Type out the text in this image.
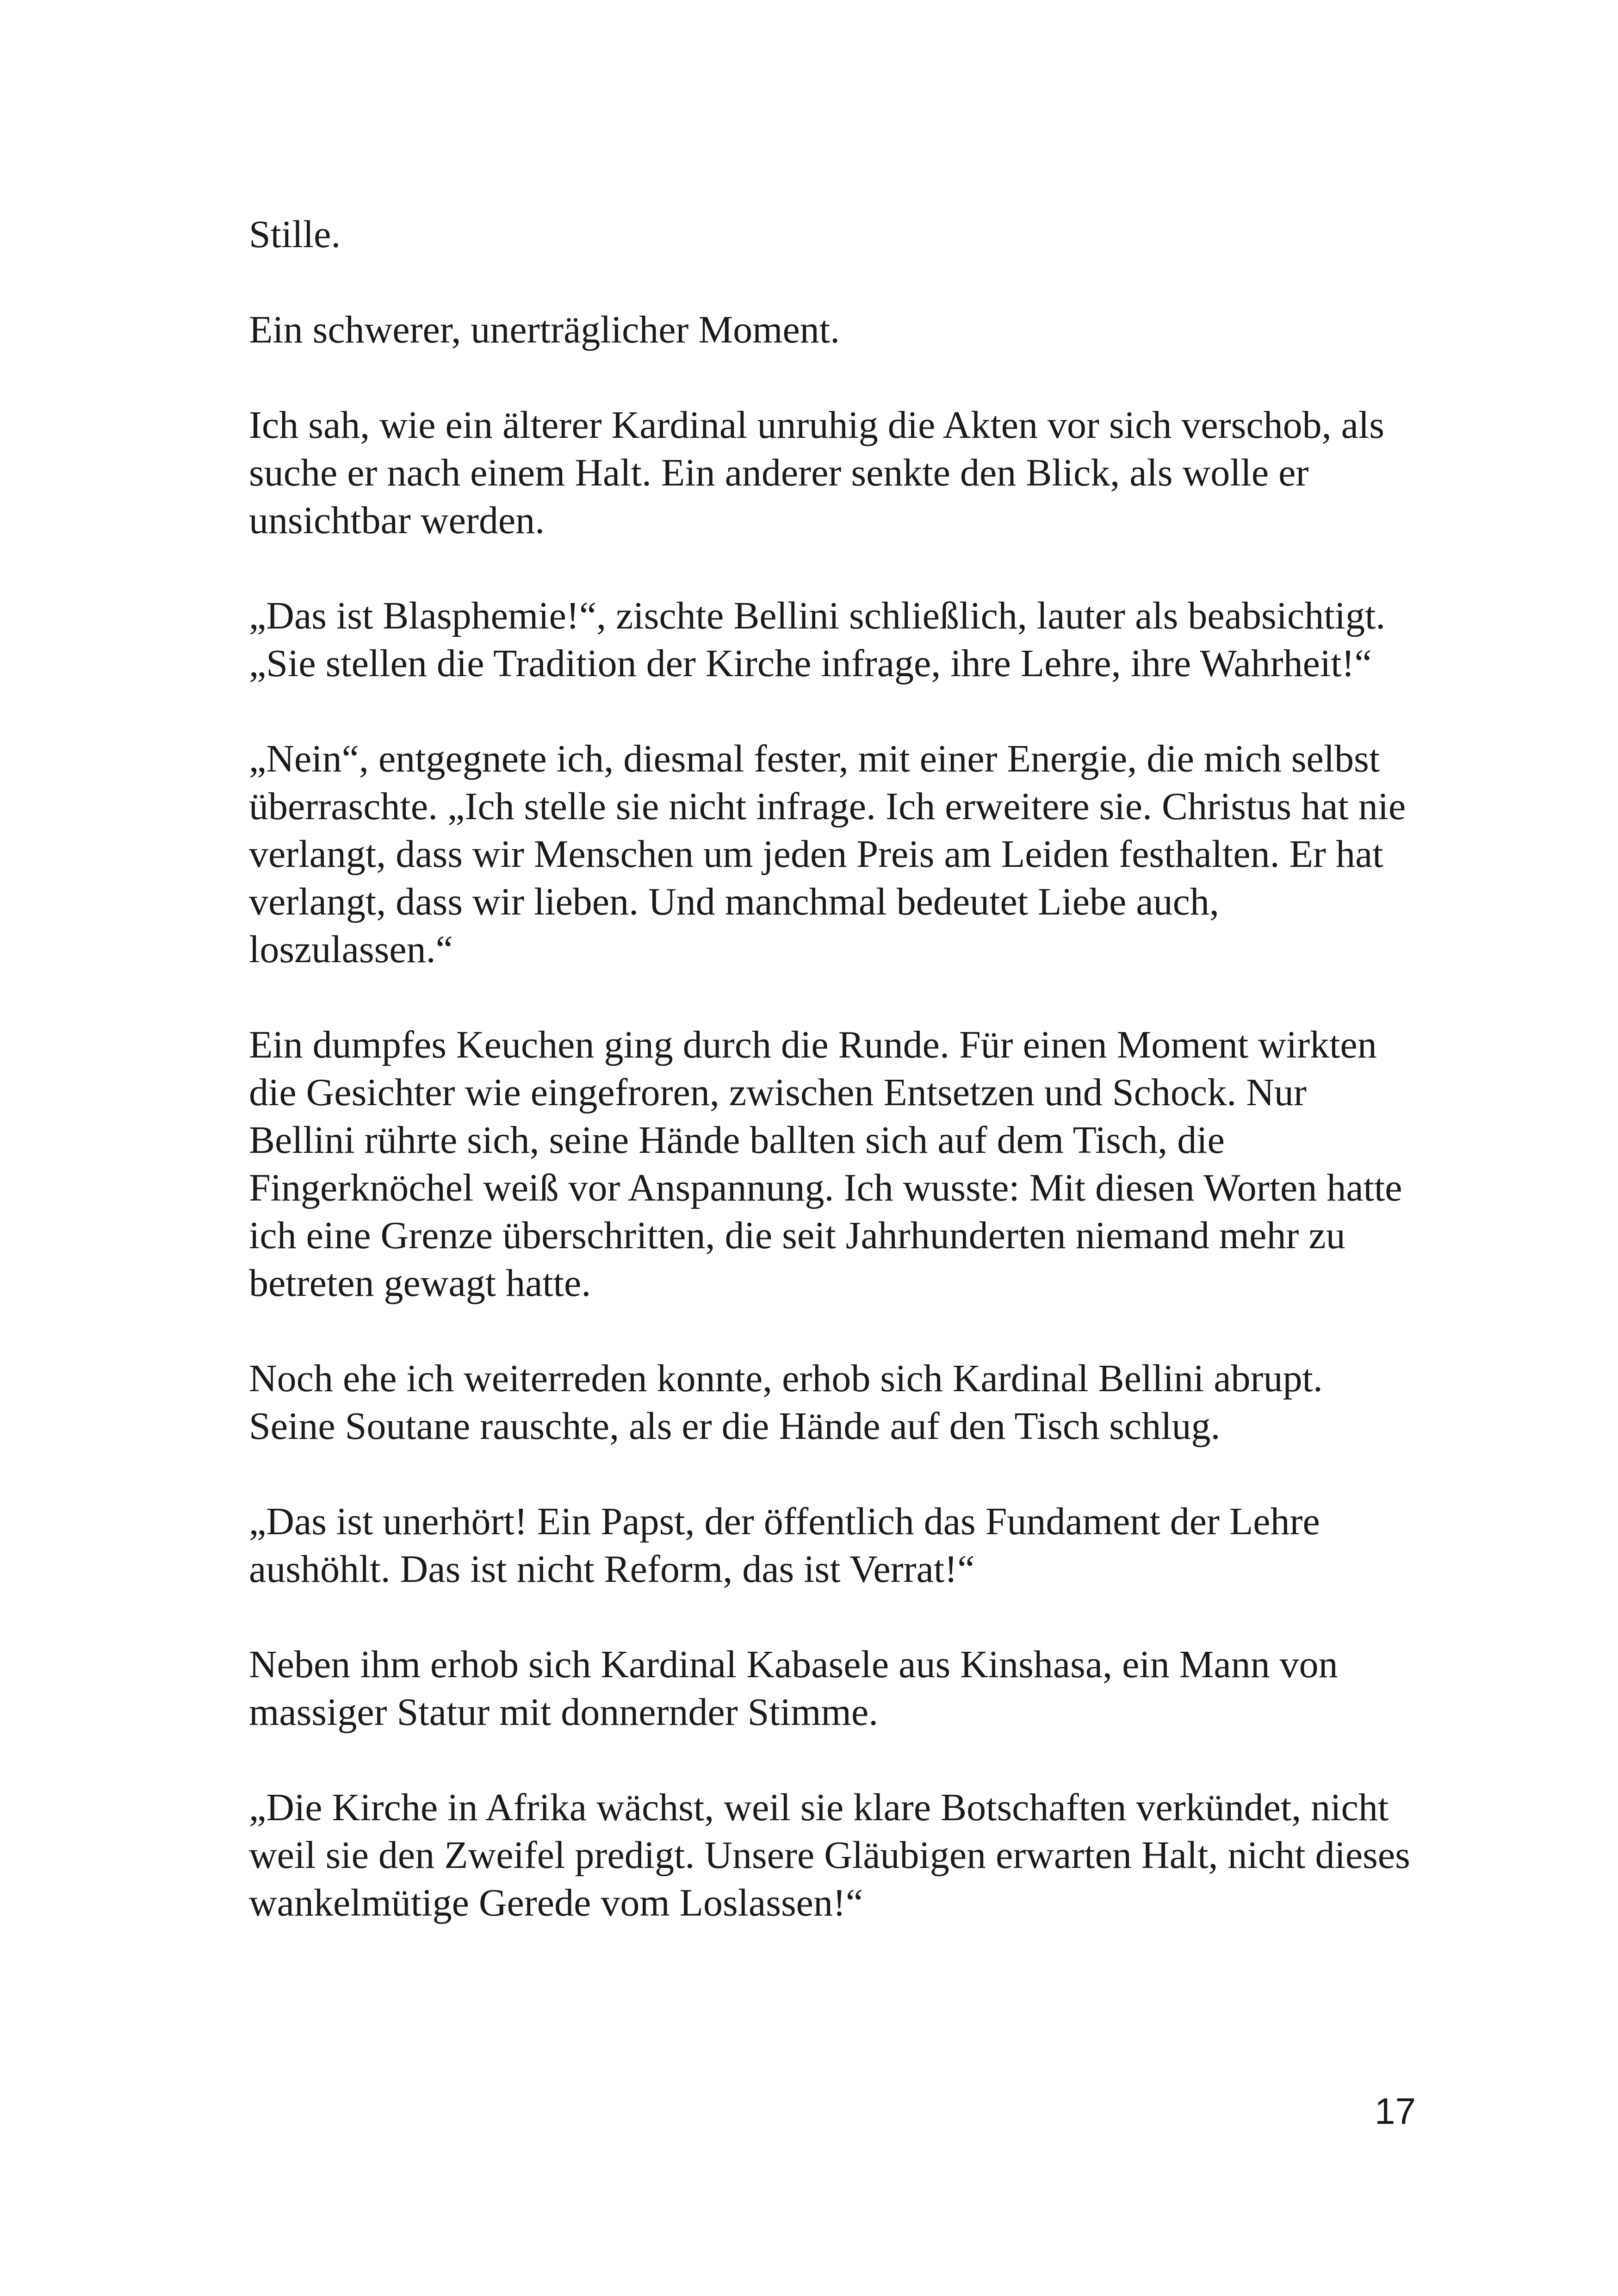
Stille.

Ein schwerer, unerträglicher Moment.

Ich sah, wie ein älterer Kardinal unruhig die Akten vor sich verschob, als suche er nach einem Halt. Ein anderer senkte den Blick, als wolle er unsichtbar werden.

„Das ist Blasphemie!“, zischte Bellini schließlich, lauter als beabsichtigt. „Sie stellen die Tradition der Kirche infrage, ihre Lehre, ihre Wahrheit!“

„Nein“, entgegnete ich, diesmal fester, mit einer Energie, die mich selbst überraschte. „Ich stelle sie nicht infrage. Ich erweitere sie. Christus hat nie verlangt, dass wir Menschen um jeden Preis am Leiden festhalten. Er hat verlangt, dass wir lieben. Und manchmal bedeutet Liebe auch, loszulassen.“

Ein dumpfes Keuchen ging durch die Runde. Für einen Moment wirkten die Gesichter wie eingefroren, zwischen Entsetzen und Schock. Nur Bellini rührte sich, seine Hände ballten sich auf dem Tisch, die Fingerknöchel weiß vor Anspannung. Ich wusste: Mit diesen Worten hatte ich eine Grenze überschritten, die seit Jahrhunderten niemand mehr zu betreten gewagt hatte.

Noch ehe ich weiterreden konnte, erhob sich Kardinal Bellini abrupt. Seine Soutane rauschte, als er die Hände auf den Tisch schlug.

„Das ist unerhört! Ein Papst, der öffentlich das Fundament der Lehre aushöhlt. Das ist nicht Reform, das ist Verrat!“

Neben ihm erhob sich Kardinal Kabasele aus Kinshasa, ein Mann von massiger Statur mit donnernder Stimme.

„Die Kirche in Afrika wächst, weil sie klare Botschaften verkündet, nicht weil sie den Zweifel predigt. Unsere Gläubigen erwarten Halt, nicht dieses wankelmütige Gerede vom Loslassen!“

17
